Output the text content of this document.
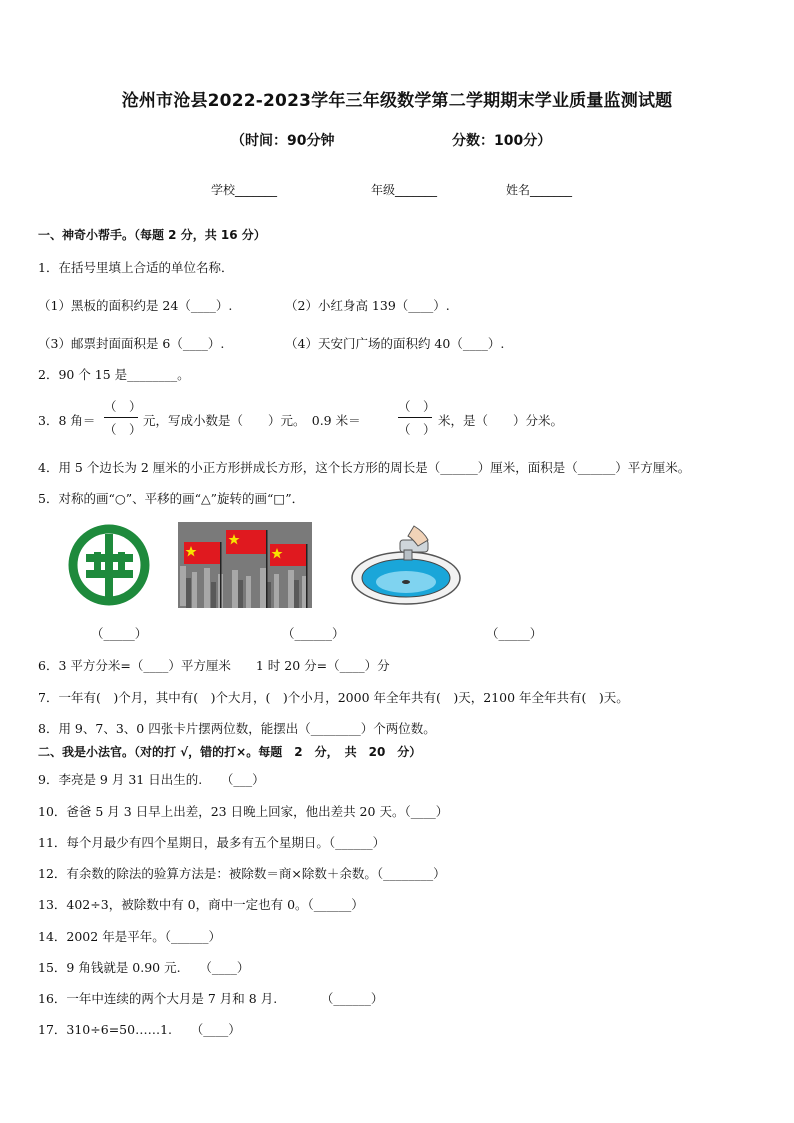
沧州市沧县2022-2023学年三年级数学第二学期期末学业质量监测试题
（时间：90分钟	分数：100分）
学校_______	年级_______	姓名_______
一、神奇小帮手。（每题 2 分，共 16 分）
1．在括号里填上合适的单位名称．
（1）黑板的面积约是 24（____）.	（2）小红身高 139（____）.
（3）邮票封面面积是 6（____）.	（4）天安门广场的面积约 40（____）.
2．90 个 15 是________。
3．8 角＝
（　）
（　）
元，写成小数是（　　）元。　0.9 米＝
（　）
（　）
米，是（　　）分米。
4．用 5 个边长为 2 厘米的小正方形拼成长方形，这个长方形的周长是（______）厘米，面积是（______）平方厘米。
5．对称的画“○”、平移的画“△”旋转的画“□”．
（_____）	（______）	（_____）
6．3 平方分米=（____）平方厘米　　1 时 20 分=（____）分
7．一年有(　)个月，其中有(　)个大月，(　)个小月，2000 年全年共有(　)天，2100 年全年共有(　)天。
8．用 9、7、3、0 四张卡片摆两位数，能摆出（________）个两位数。
二、我是小法官。（对的打 √，错的打×。每题　2　分，　共　20　分）
9．李亮是 9 月 31 日出生的.　　（___）
10．爸爸 5 月 3 日早上出差，23 日晚上回家，他出差共 20 天。（____）
11．每个月最少有四个星期日，最多有五个星期日。（______）
12．有余数的除法的验算方法是：被除数＝商×除数＋余数。（________）
13．402÷3，被除数中有 0，商中一定也有 0。（______）
14．2002 年是平年。（______）
15．9 角钱就是 0.90 元.　　（____）
16．一年中连续的两个大月是 7 月和 8 月.　　　　（______）
17．310÷6=50……1.　　（____）
